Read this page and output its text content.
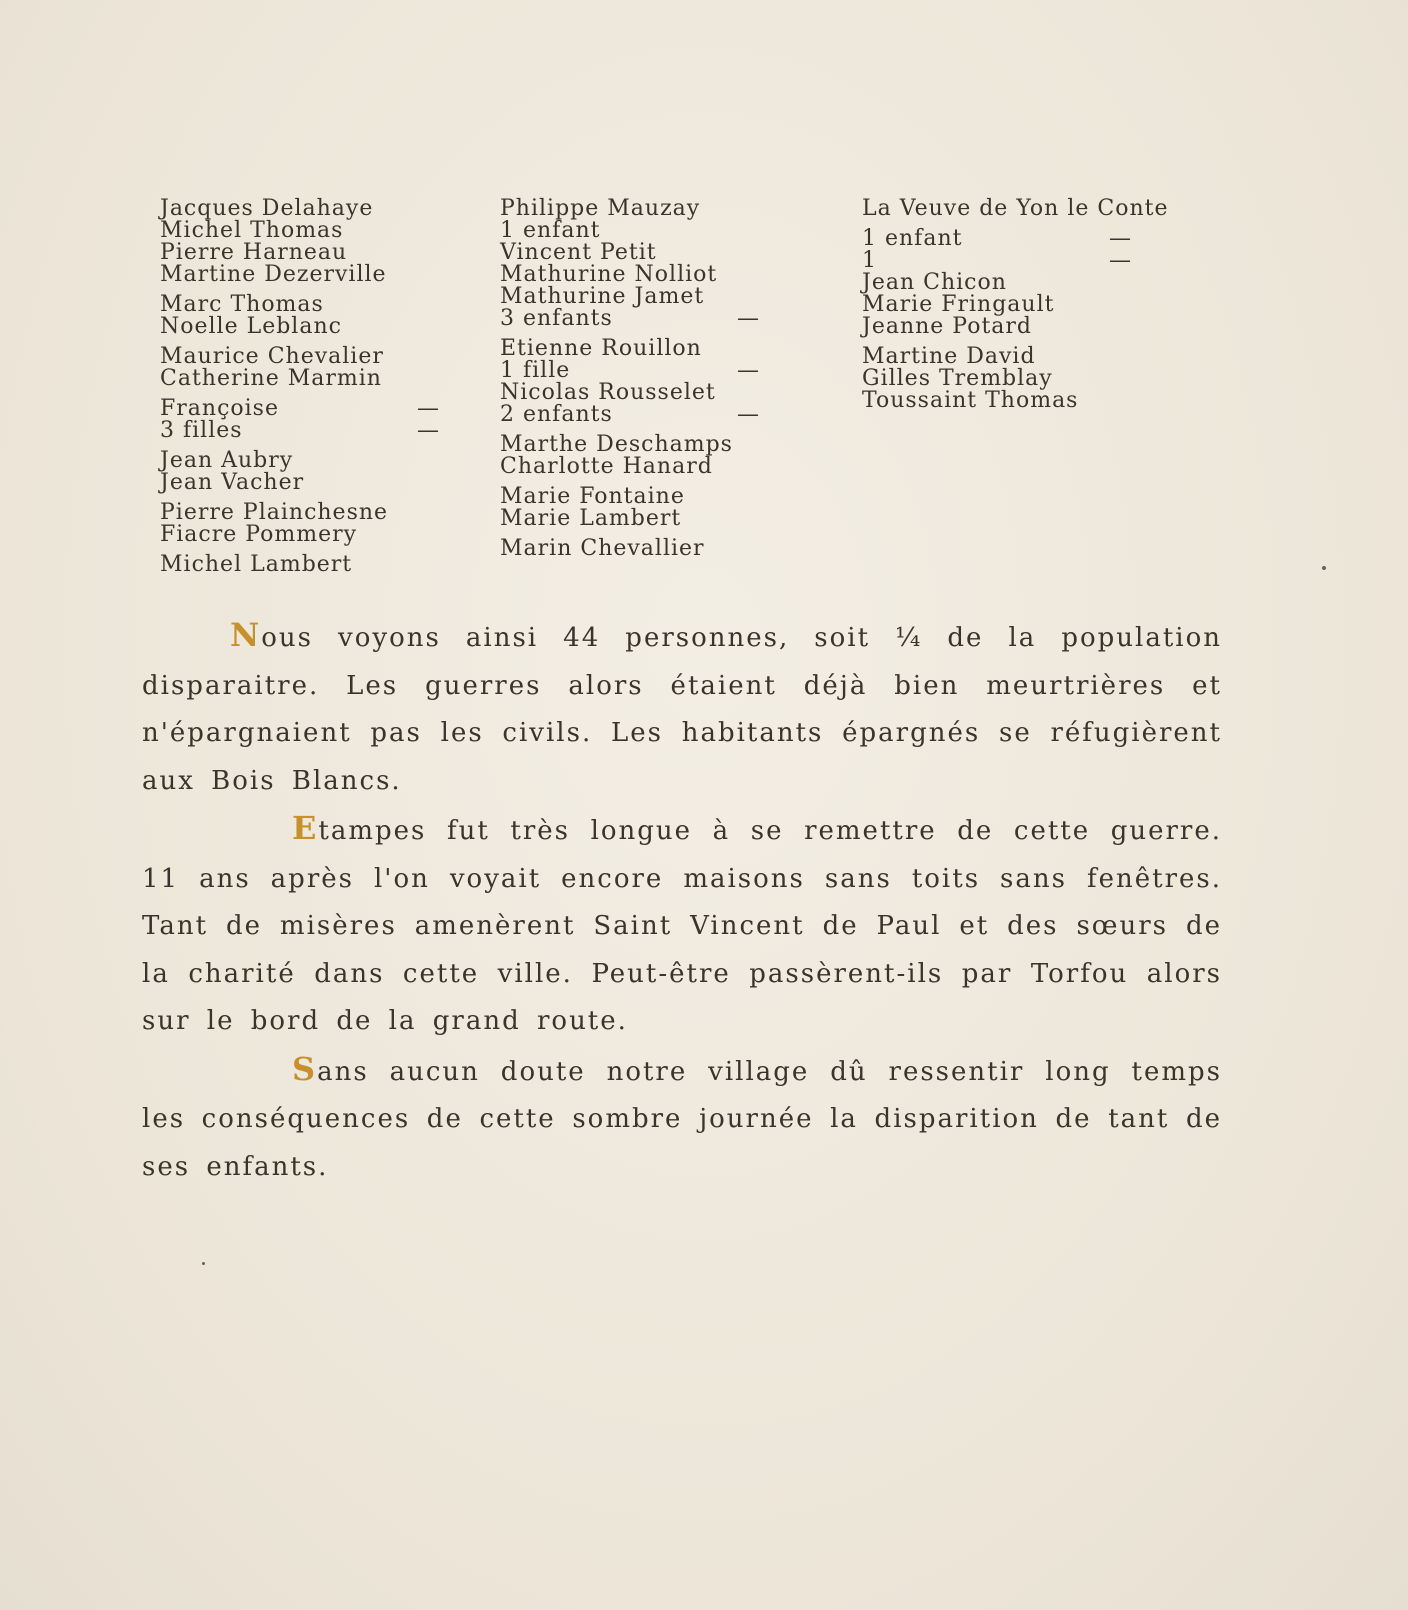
Jacques Delahaye
Michel Thomas
Pierre Harneau
Martine Dezerville
Marc Thomas
Noelle Leblanc
Maurice Chevalier
Catherine Marmin
Françoise	—
3 filles	—
Jean Aubry
Jean Vacher
Pierre Plainchesne
Fiacre Pommery
Michel Lambert
Philippe Mauzay
1 enfant
Vincent Petit
Mathurine Nolliot
Mathurine Jamet
3 enfants	—
Etienne Rouillon
1 fille	—
Nicolas Rousselet
2 enfants	—
Marthe Deschamps
Charlotte Hanard
Marie Fontaine
Marie Lambert
Marin Chevallier
La Veuve de Yon le Conte
1 enfant	—
1	—
Jean Chicon
Marie Fringault
Jeanne Potard
Martine David
Gilles Tremblay
Toussaint Thomas

Nous voyons ainsi 44 personnes, soit ¼ de la population disparaitre. Les guerres alors étaient déjà bien meurtrières et n'épargnaient pas les civils. Les habitants épargnés se réfugièrent aux Bois Blancs.

Etampes fut très longue à se remettre de cette guerre. 11 ans après l'on voyait encore maisons sans toits sans fenêtres. Tant de misères amenèrent Saint Vincent de Paul et des sœurs de la charité dans cette ville. Peut-être passèrent-ils par Torfou alors sur le bord de la grand route.

Sans aucun doute notre village dû ressentir long temps les conséquences de cette sombre journée la disparition de tant de ses enfants.
